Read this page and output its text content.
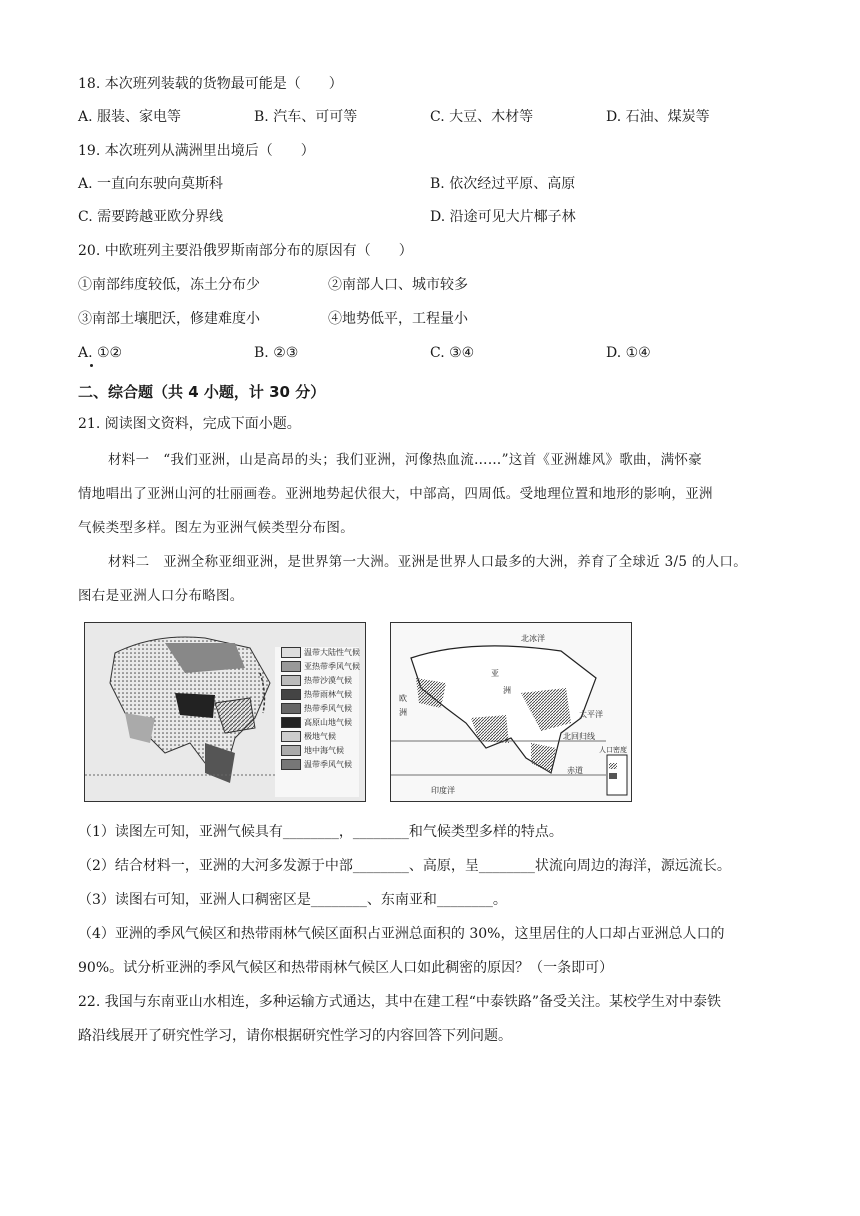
18. 本次班列装载的货物最可能是（　　）
A. 服装、家电等	B. 汽车、可可等	C. 大豆、木材等	D. 石油、煤炭等
19. 本次班列从满洲里出境后（　　）
A. 一直向东驶向莫斯科	B. 依次经过平原、高原
C. 需要跨越亚欧分界线	D. 沿途可见大片椰子林
20. 中欧班列主要沿俄罗斯南部分布的原因有（　　）
①南部纬度较低，冻土分布少	②南部人口、城市较多
③南部土壤肥沃，修建难度小	④地势低平，工程量小
A. ①②	B. ②③	C. ③④	D. ①④
二、综合题（共 4 小题，计 30 分）
21. 阅读图文资料，完成下面小题。
材料一　“我们亚洲，山是高昂的头；我们亚洲，河像热血流……”这首《亚洲雄风》歌曲，满怀豪
情地唱出了亚洲山河的壮丽画卷。亚洲地势起伏很大，中部高，四周低。受地理位置和地形的影响，亚洲
气候类型多样。图左为亚洲气候类型分布图。
材料二　亚洲全称亚细亚洲，是世界第一大洲。亚洲是世界人口最多的大洲，养育了全球近 3/5 的人口。
图右是亚洲人口分布略图。
温带大陆性气候
亚热带季风气候
热带沙漠气候
热带雨林气候
热带季风气候
高原山地气候
极地气候
地中海气候
温带季风气候
北冰洋
亚
欧
洲
洲
太平洋
印度洋
北回归线
赤道
人口密度
（1）读图左可知，亚洲气候具有________，________和气候类型多样的特点。
（2）结合材料一，亚洲的大河多发源于中部________、高原，呈________状流向周边的海洋，源远流长。
（3）读图右可知，亚洲人口稠密区是________、东南亚和________。
（4）亚洲的季风气候区和热带雨林气候区面积占亚洲总面积的 30%，这里居住的人口却占亚洲总人口的
90%。试分析亚洲的季风气候区和热带雨林气候区人口如此稠密的原因？（一条即可）
22. 我国与东南亚山水相连，多种运输方式通达，其中在建工程“中泰铁路”备受关注。某校学生对中泰铁
路沿线展开了研究性学习，请你根据研究性学习的内容回答下列问题。
